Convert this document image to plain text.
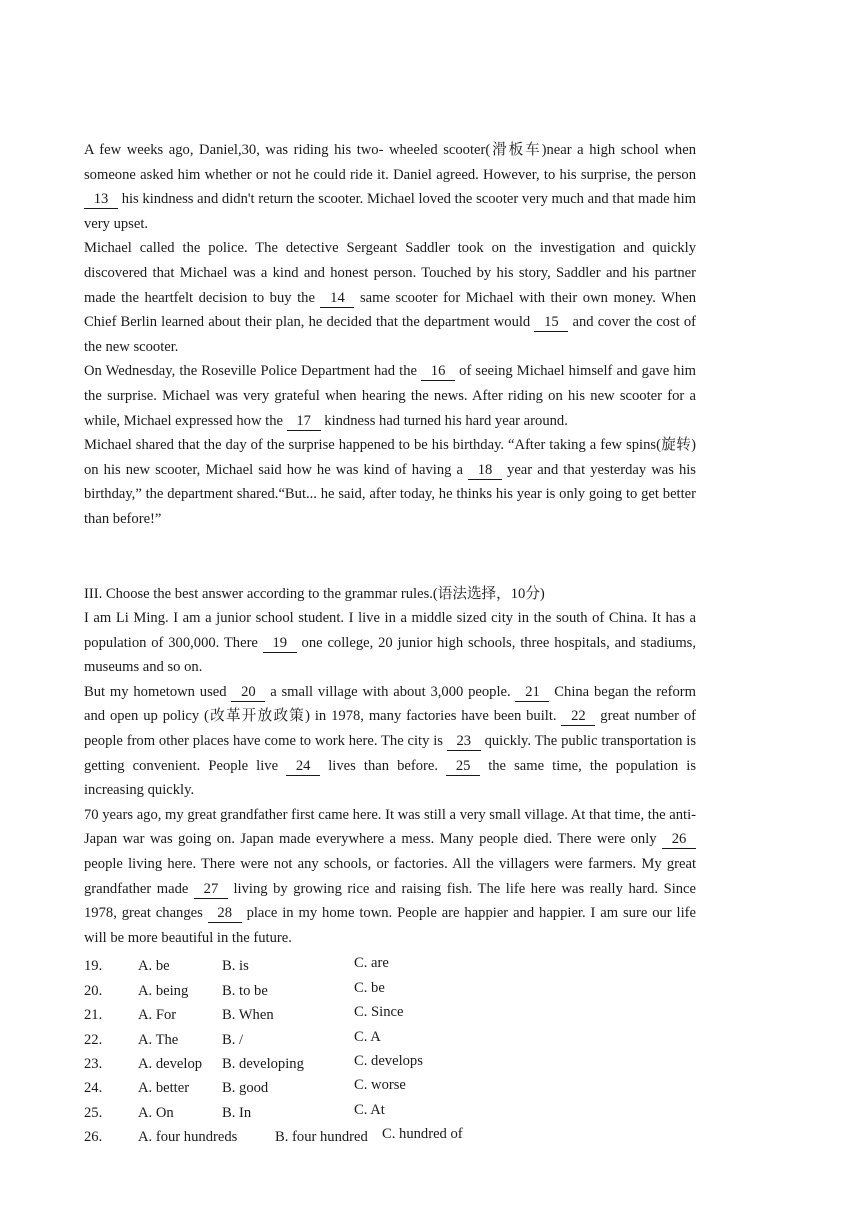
A few weeks ago, Daniel,30, was riding his two- wheeled scooter(滑板车)near a high school when someone asked him whether or not he could ride it. Daniel agreed. However, to his surprise, the person 13 his kindness and didn't return the scooter. Michael loved the scooter very much and that made him very upset.

Michael called the police. The detective Sergeant Saddler took on the investigation and quickly discovered that Michael was a kind and honest person. Touched by his story, Saddler and his partner made the heartfelt decision to buy the 14 same scooter for Michael with their own money. When Chief Berlin learned about their plan, he decided that the department would 15 and cover the cost of the new scooter.

On Wednesday, the Roseville Police Department had the 16 of seeing Michael himself and gave him the surprise. Michael was very grateful when hearing the news. After riding on his new scooter for a while, Michael expressed how the 17 kindness had turned his hard year around.

Michael shared that the day of the surprise happened to be his birthday. “After taking a few spins(旋转) on his new scooter, Michael said how he was kind of having a 18 year and that yesterday was his birthday,” the department shared.“But... he said, after today, he thinks his year is only going to get better than before!”

III. Choose the best answer according to the grammar rules.(语法选择，10分)

I am Li Ming. I am a junior school student. I live in a middle sized city in the south of China. It has a population of 300,000. There 19 one college, 20 junior high schools, three hospitals, and stadiums, museums and so on.

But my hometown used 20 a small village with about 3,000 people. 21 China began the reform and open up policy (改革开放政策) in 1978, many factories have been built. 22 great number of people from other places have come to work here. The city is 23 quickly. The public transportation is getting convenient. People live 24 lives than before. 25 the same time, the population is increasing quickly.

70 years ago, my great grandfather first came here. It was still a very small village. At that time, the anti-Japan war was going on. Japan made everywhere a mess. Many people died. There were only 26 people living here. There were not any schools, or factories. All the villagers were farmers. My great grandfather made 27 living by growing rice and raising fish. The life here was really hard. Since 1978, great changes 28 place in my home town. People are happier and happier. I am sure our life will be more beautiful in the future.

19.	A. be	B. is	C. are
20.	A. being	B. to be	C. be
21.	A. For	B. When	C. Since
22.	A. The	B. /	C. A
23.	A. develop	B. developing	C. develops
24.	A. better	B. good	C. worse
25.	A. On	B. In	C. At
26.	A. four hundreds	B. four hundred C. hundred of
